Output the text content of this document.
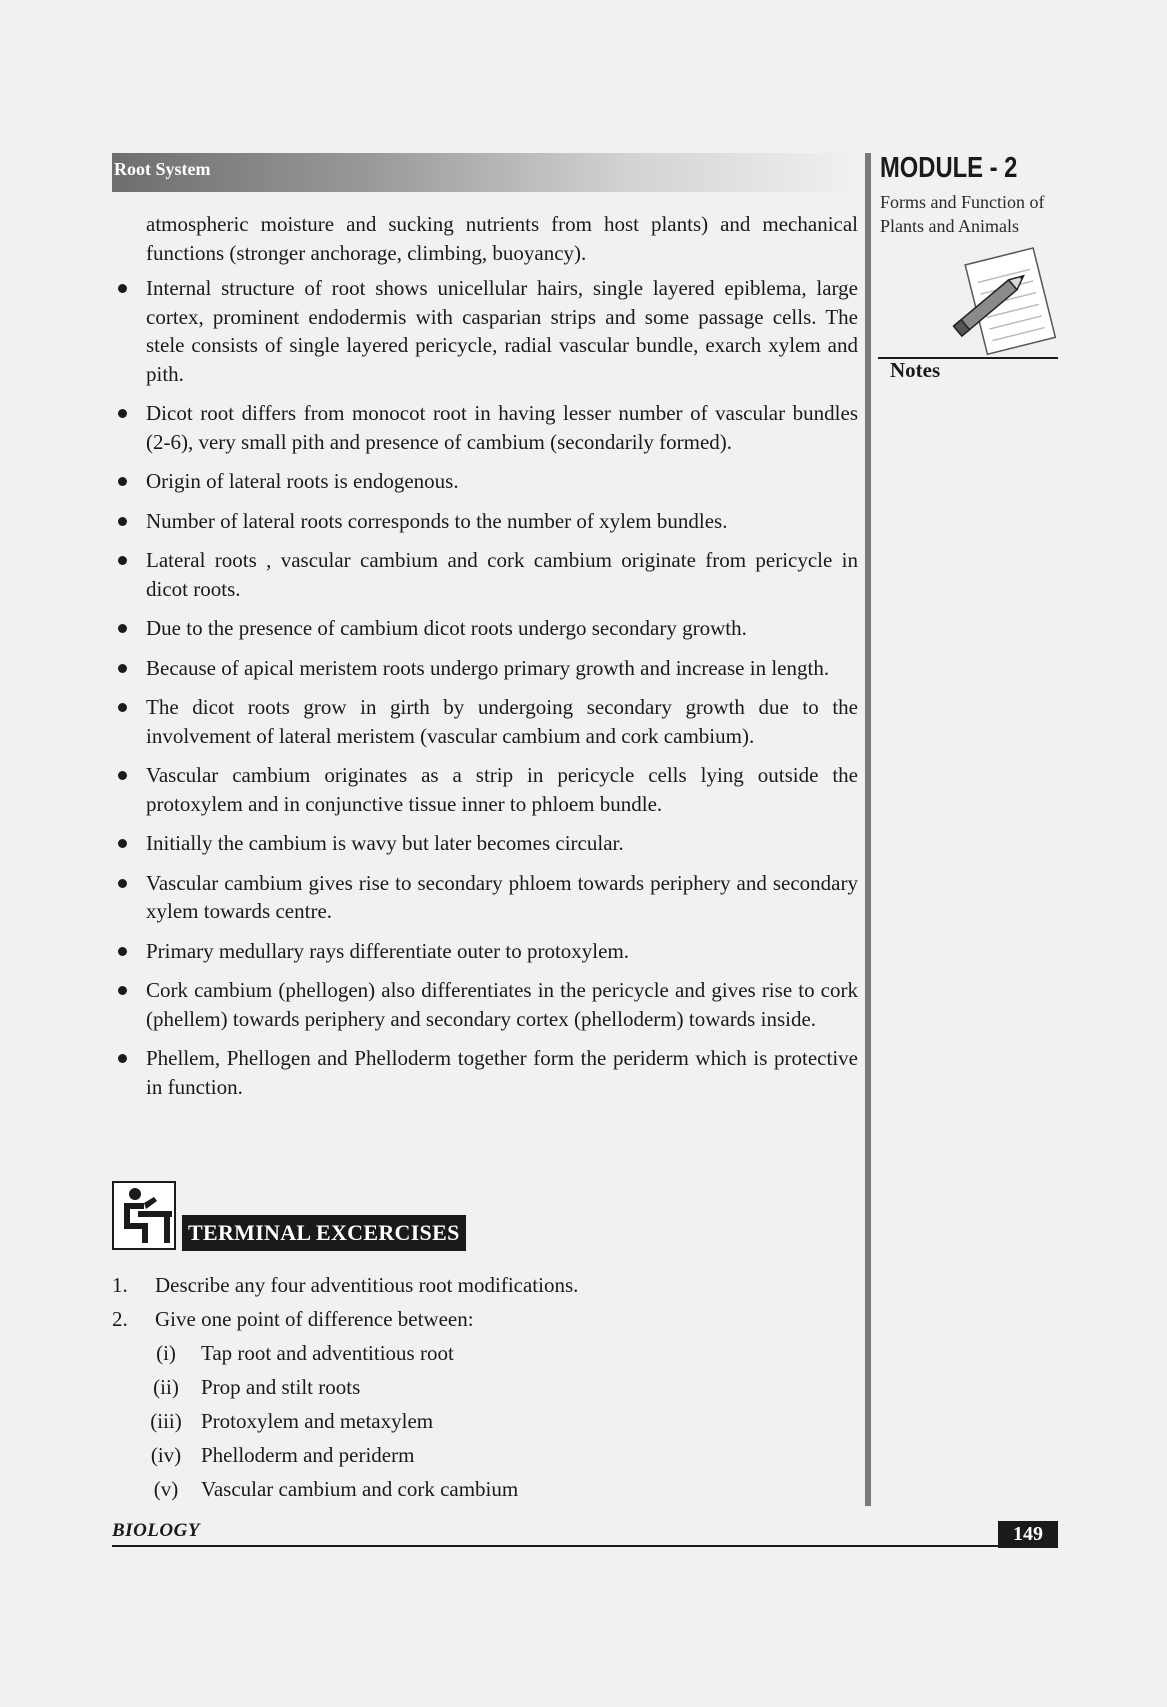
Root System	MODULE - 2
Forms and Function of Plants and Animals
Notes

atmospheric moisture and sucking nutrients from host plants) and mechanical functions (stronger anchorage, climbing, buoyancy).

Internal structure of root shows unicellular hairs, single layered epiblema, large cortex, prominent endodermis with casparian strips and some passage cells. The stele consists of single layered pericycle, radial vascular bundle, exarch xylem and pith.
Dicot root differs from monocot root in having lesser number of vascular bundles (2-6), very small pith and presence of cambium (secondarily formed).
Origin of lateral roots is endogenous.
Number of lateral roots corresponds to the number of xylem bundles.
Lateral roots , vascular cambium and cork cambium originate from pericycle in dicot roots.
Due to the presence of cambium dicot roots undergo secondary growth.
Because of apical meristem roots undergo primary growth and increase in length.
The dicot roots grow in girth by undergoing secondary growth due to the involvement of lateral meristem (vascular cambium and cork cambium).
Vascular cambium originates as a strip in pericycle cells lying outside the protoxylem and in conjunctive tissue inner to phloem bundle.
Initially the cambium is wavy but later becomes circular.
Vascular cambium gives rise to secondary phloem towards periphery and secondary xylem towards centre.
Primary medullary rays differentiate outer to protoxylem.
Cork cambium (phellogen) also differentiates in the pericycle and gives rise to cork (phellem) towards periphery and secondary cortex (phelloderm) towards inside.
Phellem, Phellogen and Phelloderm together form the periderm which is protective in function.
TERMINAL EXCERCISES
1. Describe any four adventitious root modifications.
2. Give one point of difference between:
(i)	Tap root and adventitious root
(ii)	Prop and stilt roots
(iii) Protoxylem and metaxylem
(iv) Phelloderm and periderm
(v)	Vascular cambium and cork cambium
BIOLOGY	149
